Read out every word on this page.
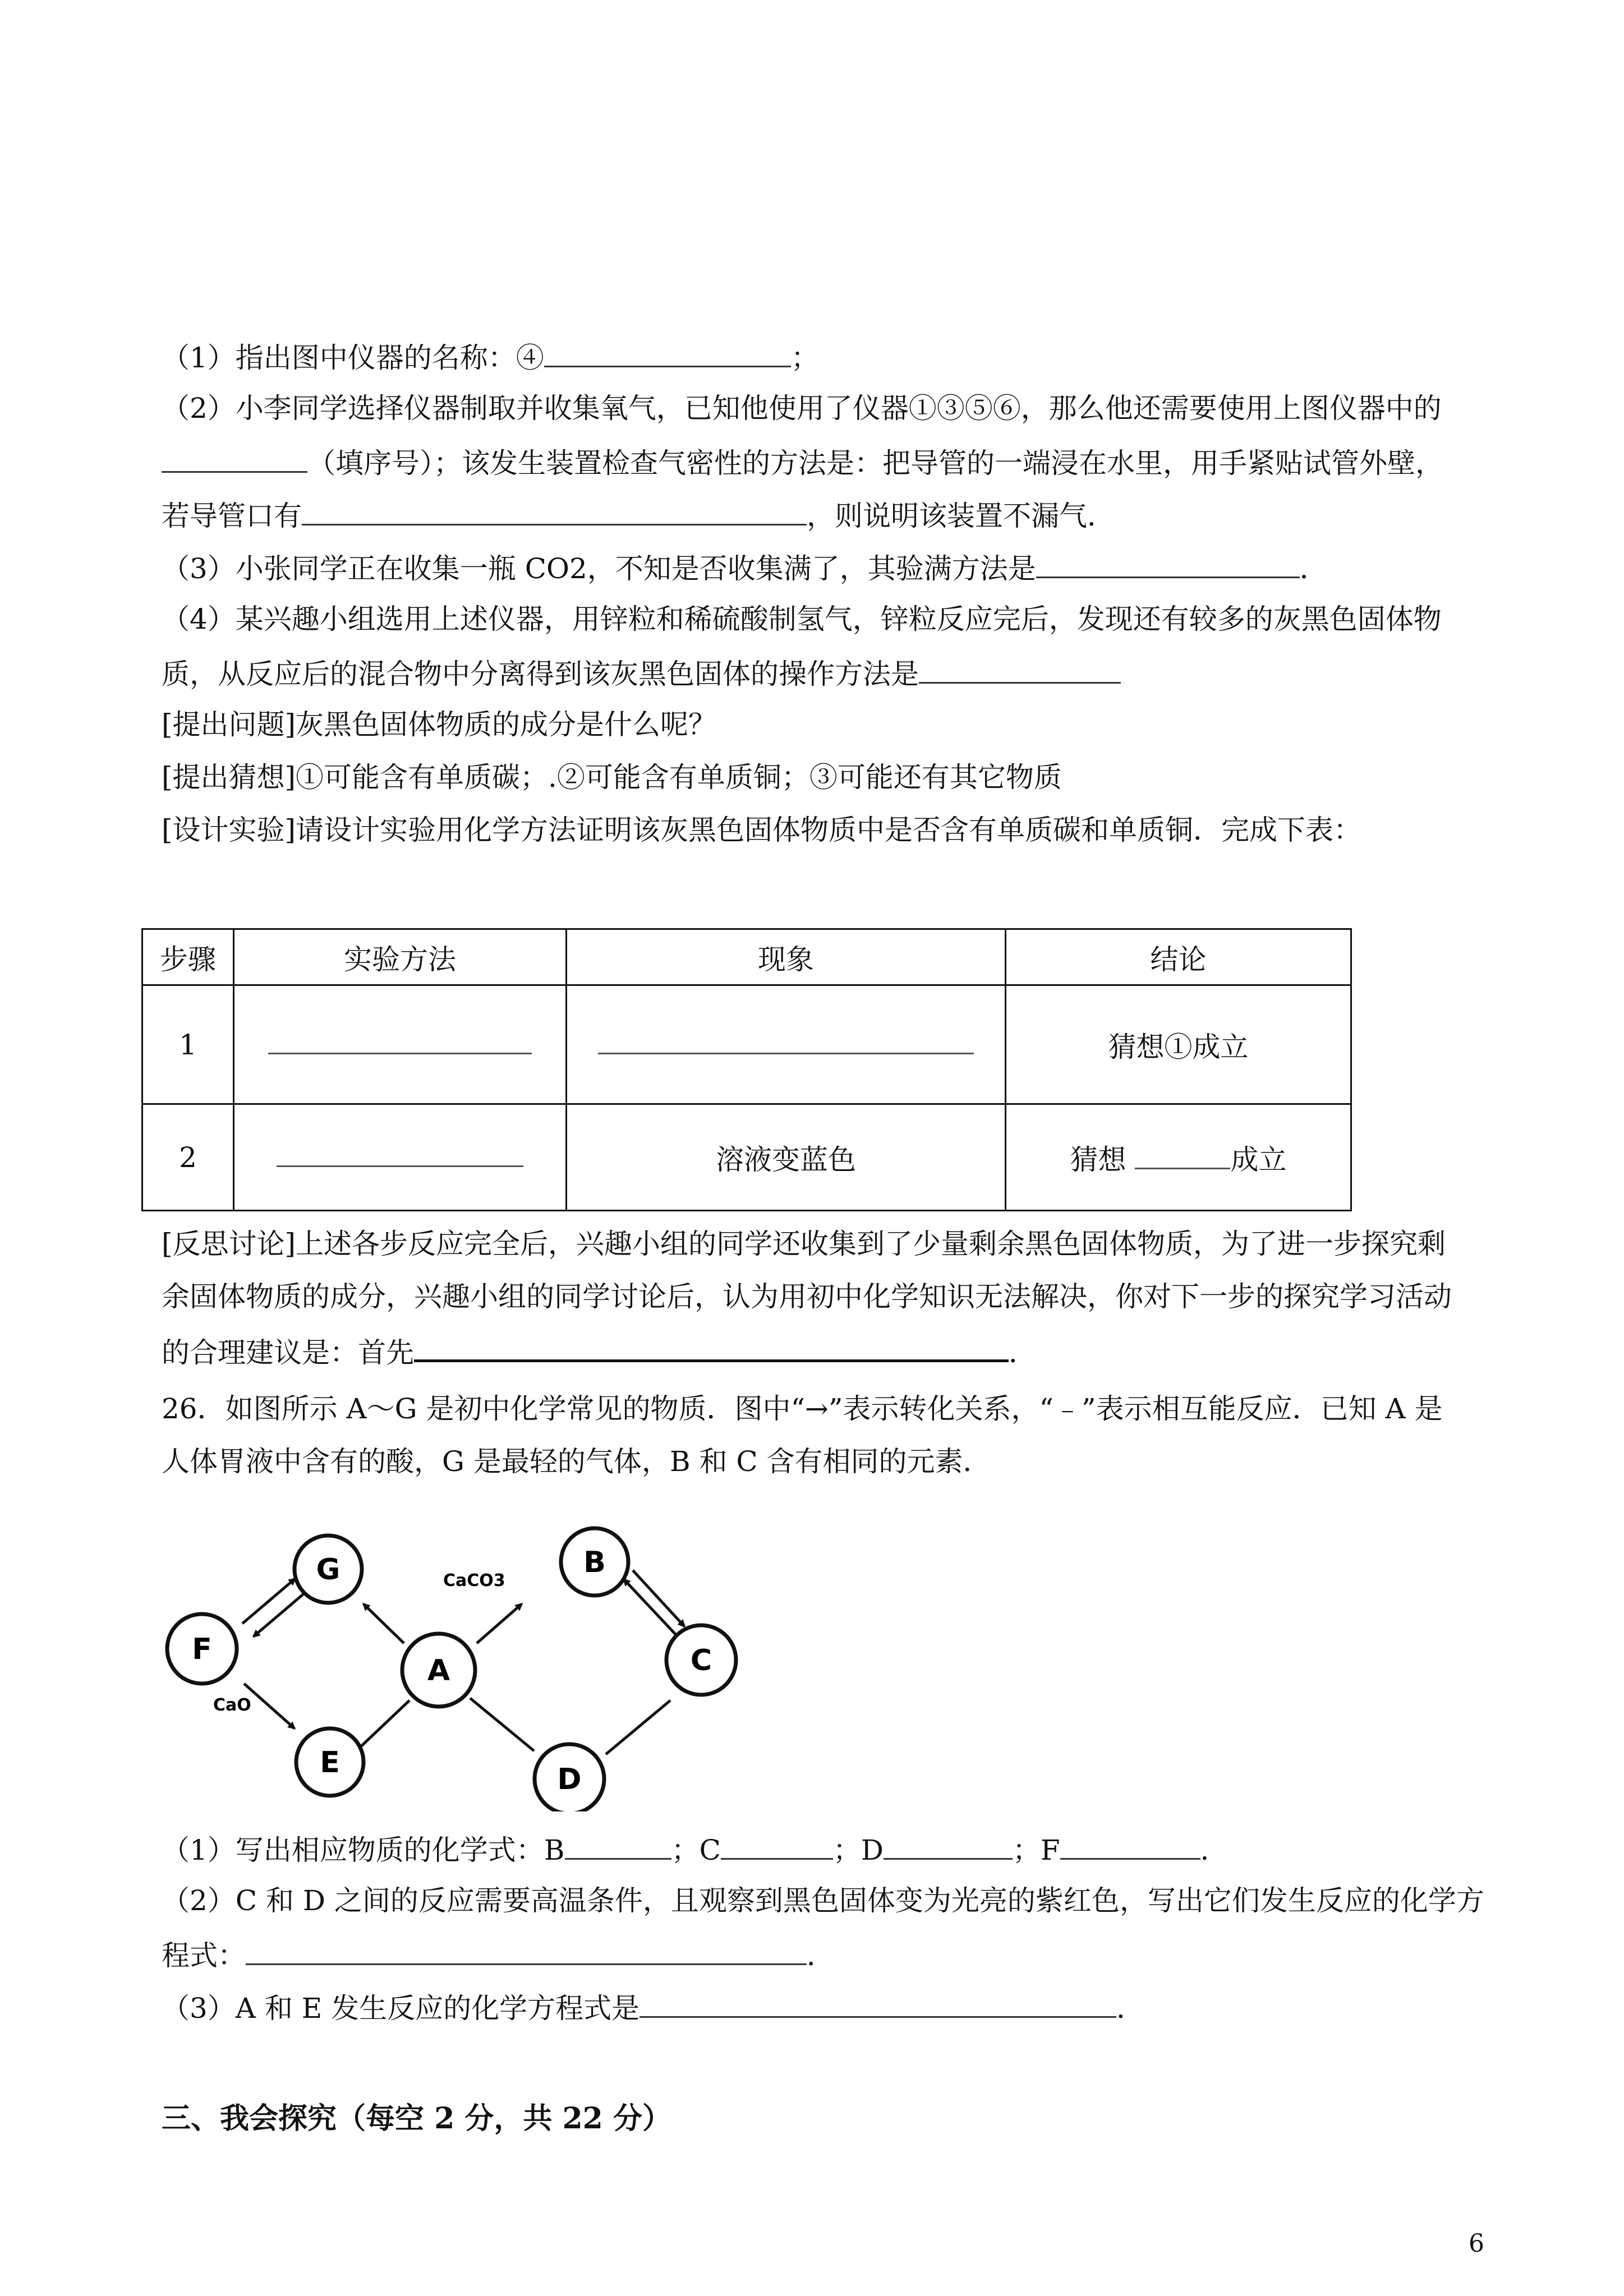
（1）指出图中仪器的名称：④	；
（2）小李同学选择仪器制取并收集氧气，已知他使用了仪器①③⑤⑥，那么他还需要使用上图仪器中的
（填序号）；该发生装置检查气密性的方法是：把导管的一端浸在水里，用手紧贴试管外壁，
若导管口有	，则说明该装置不漏气．
（3）小张同学正在收集一瓶 CO2，不知是否收集满了，其验满方法是	．
（4）某兴趣小组选用上述仪器，用锌粒和稀硫酸制氢气，锌粒反应完后，发现还有较多的灰黑色固体物
质，从反应后的混合物中分离得到该灰黑色固体的操作方法是
[提出问题]灰黑色固体物质的成分是什么呢？
[提出猜想]①可能含有单质碳；.②可能含有单质铜；③可能还有其它物质
[设计实验]请设计实验用化学方法证明该灰黑色固体物质中是否含有单质碳和单质铜．完成下表：
步骤	实验方法	现象	结论
1			猜想①成立
2		溶液变蓝色	猜想 成立
[反思讨论]上述各步反应完全后，兴趣小组的同学还收集到了少量剩余黑色固体物质，为了进一步探究剩
余固体物质的成分，兴趣小组的同学讨论后，认为用初中化学知识无法解决，你对下一步的探究学习活动
的合理建议是：首先	．
26．如图所示 A～G 是初中化学常见的物质．图中“→”表示转化关系，“﹣”表示相互能反应．已知 A 是
人体胃液中含有的酸，G 是最轻的气体，B 和 C 含有相同的元素．
G	B
F
A	C
E	D
CaCO3
CaO
（1）写出相应物质的化学式：B	；C	；D	；F	．
（2）C 和 D 之间的反应需要高温条件，且观察到黑色固体变为光亮的紫红色，写出它们发生反应的化学方
程式：	．
（3）A 和 E 发生反应的化学方程式是	．
三、我会探究（每空 2 分，共 22 分）
6
